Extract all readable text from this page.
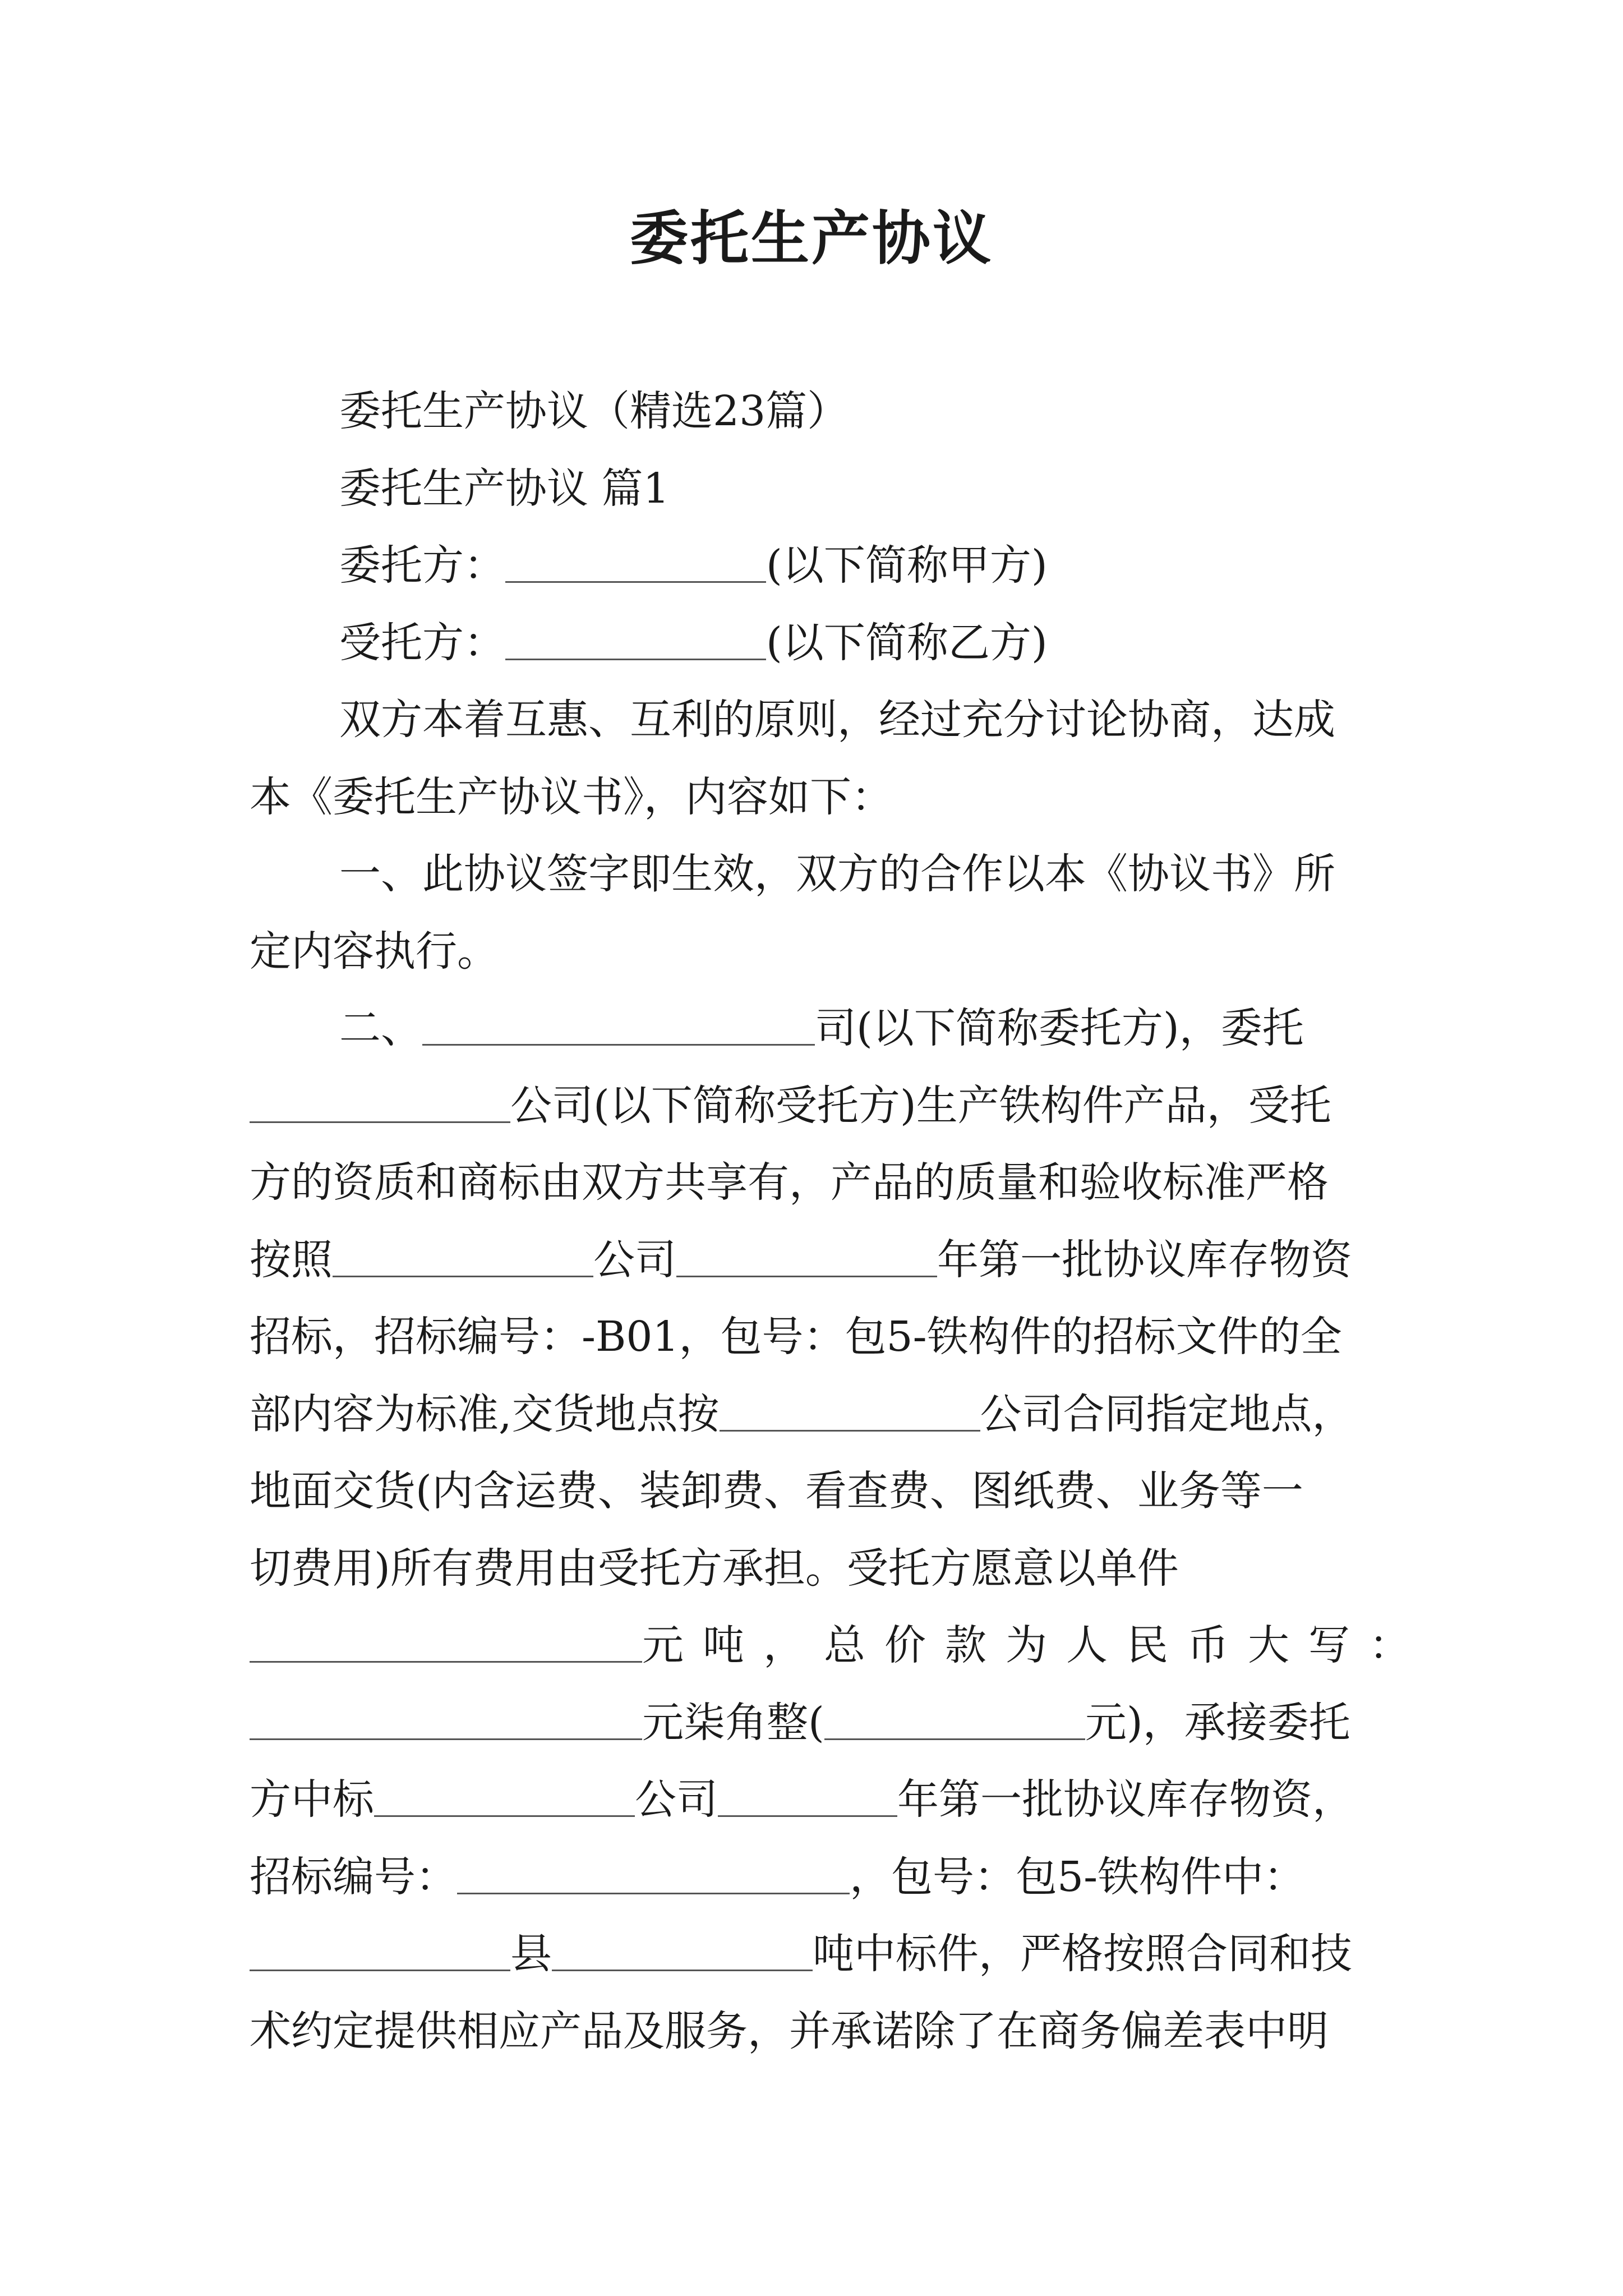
委托生产协议
委托生产协议（精选23篇）
委托生产协议 篇1
委托方：	(以下简称甲方)
受托方：	(以下简称乙方)
双方本着互惠、互利的原则，经过充分讨论协商，达成
本《委托生产协议书》，内容如下：
一、此协议签字即生效，双方的合作以本《协议书》所
定内容执行。
二、	司(以下简称委托方)，委托
公司(以下简称受托方)生产铁构件产品，受托
方的资质和商标由双方共享有，产品的质量和验收标准严格
按照	公司	年第一批协议库存物资
招标，招标编号：-B01，包号：包5-铁构件的招标文件的全
部内容为标准,交货地点按	公司合同指定地点，
地面交货(内含运费、装卸费、看查费、图纸费、业务等一
切费用)所有费用由受托方承担。受托方愿意以单件
元吨，总价款为人民币大写：
元柒角整(	元)，承接委托
方中标	公司	年第一批协议库存物资，
招标编号：	，包号：包5-铁构件中：
县	吨中标件，严格按照合同和技
术约定提供相应产品及服务，并承诺除了在商务偏差表中明
